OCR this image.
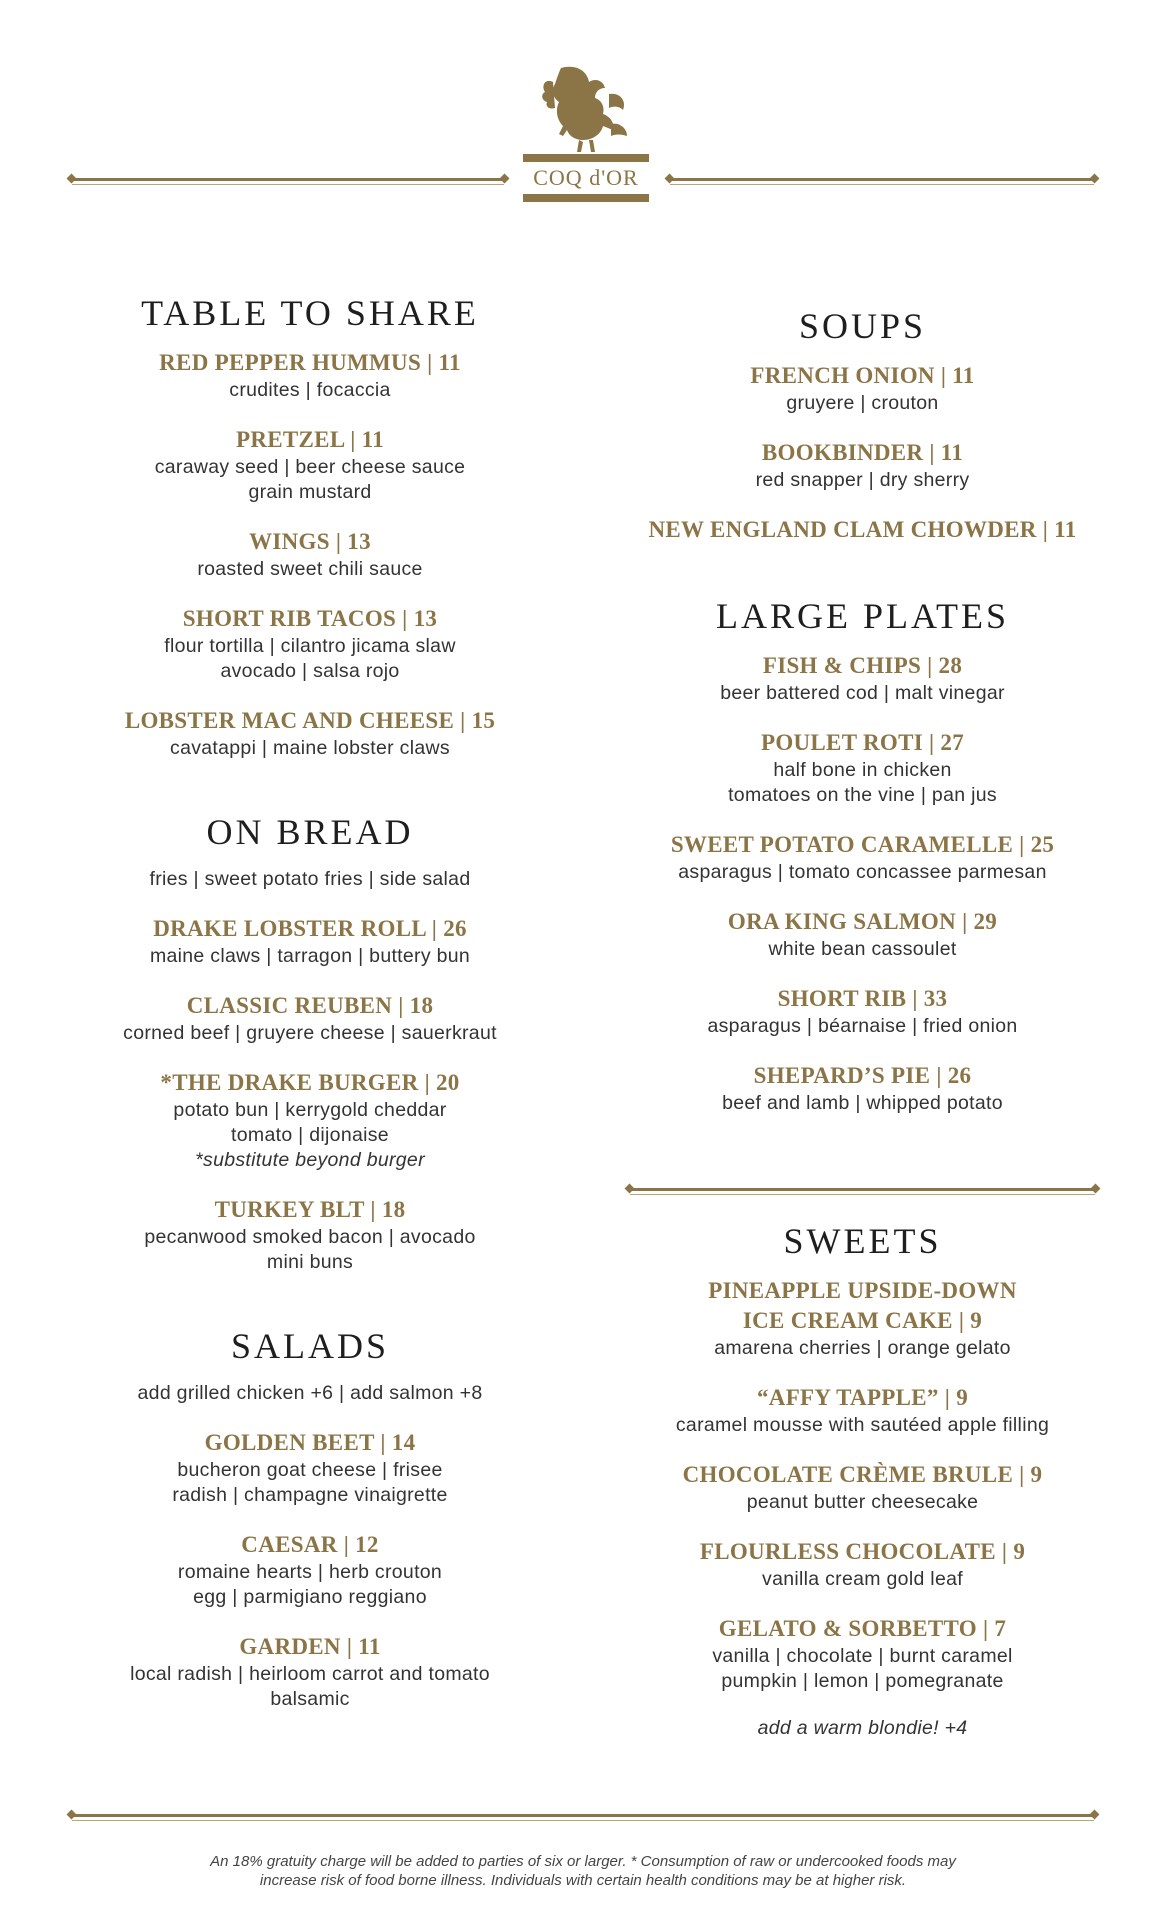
COQ d'OR
TABLE TO SHARE
RED PEPPER HUMMUS | 11
crudites | focaccia
PRETZEL | 11
caraway seed | beer cheese sauce
grain mustard
WINGS | 13
roasted sweet chili sauce
SHORT RIB TACOS | 13
flour tortilla | cilantro jicama slaw
avocado | salsa rojo
LOBSTER MAC AND CHEESE | 15
cavatappi | maine lobster claws
ON BREAD

fries | sweet potato fries | side salad

DRAKE LOBSTER ROLL | 26
maine claws | tarragon | buttery bun
CLASSIC REUBEN | 18
corned beef | gruyere cheese | sauerkraut
*THE DRAKE BURGER | 20
potato bun | kerrygold cheddar
tomato | dijonaise
*substitute beyond burger
TURKEY BLT | 18
pecanwood smoked bacon | avocado
mini buns
SALADS

add grilled chicken +6 | add salmon +8

GOLDEN BEET | 14
bucheron goat cheese | frisee
radish | champagne vinaigrette
CAESAR | 12
romaine hearts | herb crouton
egg | parmigiano reggiano
GARDEN | 11
local radish | heirloom carrot and tomato
balsamic
SOUPS
FRENCH ONION | 11
gruyere | crouton
BOOKBINDER | 11
red snapper | dry sherry
NEW ENGLAND CLAM CHOWDER | 11
LARGE PLATES
FISH & CHIPS | 28
beer battered cod | malt vinegar
POULET ROTI | 27
half bone in chicken
tomatoes on the vine | pan jus
SWEET POTATO CARAMELLE | 25
asparagus | tomato concassee parmesan
ORA KING SALMON | 29
white bean cassoulet
SHORT RIB | 33
asparagus | béarnaise | fried onion
SHEPARD’S PIE | 26
beef and lamb | whipped potato
SWEETS
PINEAPPLE UPSIDE-DOWN
ICE CREAM CAKE | 9
amarena cherries | orange gelato
“AFFY TAPPLE” | 9
caramel mousse with sautéed apple filling
CHOCOLATE CRÈME BRULE | 9
peanut butter cheesecake
FLOURLESS CHOCOLATE | 9
vanilla cream gold leaf
GELATO & SORBETTO | 7
vanilla | chocolate | burnt caramel
pumpkin | lemon | pomegranate

add a warm blondie! +4

An 18% gratuity charge will be added to parties of six or larger. * Consumption of raw or undercooked foods may
increase risk of food borne illness. Individuals with certain health conditions may be at higher risk.
